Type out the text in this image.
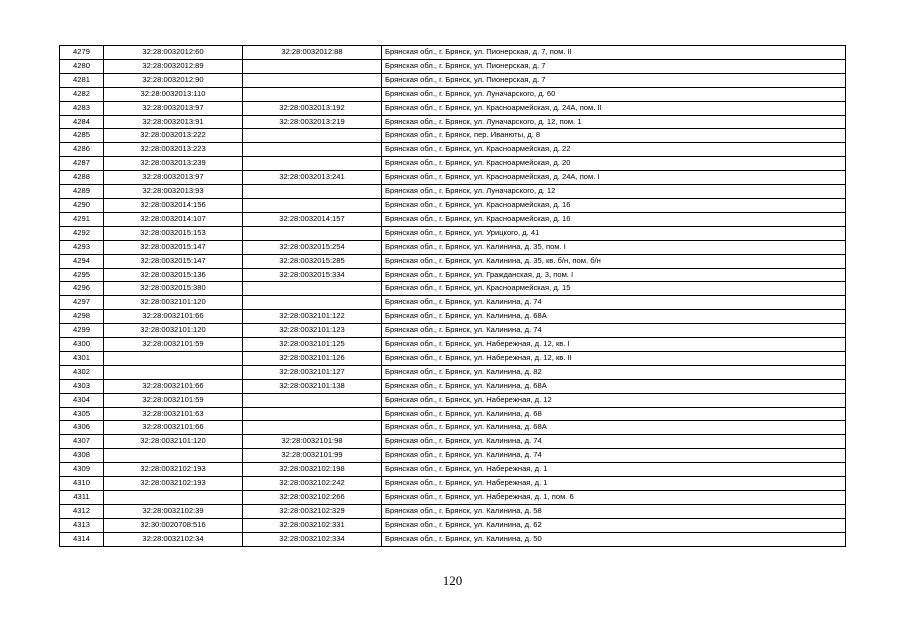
4279	32:28:0032012:60	32:28:0032012:88	Брянская обл., г. Брянск, ул. Пионерская, д. 7, пом. II
4280	32:28:0032012:89		Брянская обл., г. Брянск, ул. Пионерская, д. 7
4281	32:28:0032012:90		Брянская обл., г. Брянск, ул. Пионерская, д. 7
4282	32:28:0032013:110		Брянская обл., г. Брянск, ул. Луначарского, д. 60
4283	32:28:0032013:97	32:28:0032013:192	Брянская обл., г. Брянск, ул. Красноармейская, д. 24А, пом. II
4284	32:28:0032013:91	32:28:0032013:219	Брянская обл., г. Брянск, ул. Луначарского, д. 12, пом. 1
4285	32:28:0032013:222		Брянская обл., г. Брянск, пер. Иванюты, д. 8
4286	32:28:0032013:223		Брянская обл., г. Брянск, ул. Красноармейская, д. 22
4287	32:28:0032013:239		Брянская обл., г. Брянск, ул. Красноармейская, д. 20
4288	32:28:0032013:97	32:28:0032013:241	Брянская обл., г. Брянск, ул. Красноармейская, д. 24А, пом. I
4289	32:28:0032013:93		Брянская обл., г. Брянск, ул. Луначарского, д. 12
4290	32:28:0032014:156		Брянская обл., г. Брянск, ул. Красноармейская, д. 16
4291	32:28:0032014:107	32:28:0032014:157	Брянская обл., г. Брянск, ул. Красноармейская, д. 16
4292	32:28:0032015:153		Брянская обл., г. Брянск, ул. Урицкого, д. 41
4293	32:28:0032015:147	32:28:0032015:254	Брянская обл., г. Брянск, ул. Калинина, д. 35, пом. I
4294	32:28:0032015:147	32:28:0032015:285	Брянская обл., г. Брянск, ул. Калинина, д. 35, кв. б/н, пом. б/н
4295	32:28:0032015:136	32:28:0032015:334	Брянская обл., г. Брянск, ул. Гражданская, д. 3, пом. I
4296	32:28:0032015:380		Брянская обл., г. Брянск, ул. Красноармейская, д. 15
4297	32:28:0032101:120		Брянская обл., г. Брянск, ул. Калинина, д. 74
4298	32:28:0032101:66	32:28:0032101:122	Брянская обл., г. Брянск, ул. Калинина, д. 68А
4299	32:28:0032101:120	32:28:0032101:123	Брянская обл., г. Брянск, ул. Калинина, д. 74
4300	32:28:0032101:59	32:28:0032101:125	Брянская обл., г. Брянск, ул. Набережная, д. 12, кв. I
4301		32:28:0032101:126	Брянская обл., г. Брянск, ул. Набережная, д. 12, кв. II
4302		32:28:0032101:127	Брянская обл., г. Брянск, ул. Калинина, д. 82
4303	32:28:0032101:66	32:28:0032101:138	Брянская обл., г. Брянск, ул. Калинина, д. 68А
4304	32:28:0032101:59		Брянская обл., г. Брянск, ул. Набережная, д. 12
4305	32:28:0032101:63		Брянская обл., г. Брянск, ул. Калинина, д. 68
4306	32:28:0032101:66		Брянская обл., г. Брянск, ул. Калинина, д. 68А
4307	32:28:0032101:120	32:28:0032101:98	Брянская обл., г. Брянск, ул. Калинина, д. 74
4308		32:28:0032101:99	Брянская обл., г. Брянск, ул. Калинина, д. 74
4309	32:28:0032102:193	32:28:0032102:198	Брянская обл., г. Брянск, ул. Набережная, д. 1
4310	32:28:0032102:193	32:28:0032102:242	Брянская обл., г. Брянск, ул. Набережная, д. 1
4311		32:28:0032102:266	Брянская обл., г. Брянск, ул. Набережная, д. 1, пом. 6
4312	32:28:0032102:39	32:28:0032102:329	Брянская обл., г. Брянск, ул. Калинина, д. 58
4313	32:30:0020708:516	32:28:0032102:331	Брянская обл., г. Брянск, ул. Калинина, д. 62
4314	32:28:0032102:34	32:28:0032102:334	Брянская обл., г. Брянск, ул. Калинина, д. 50
120
